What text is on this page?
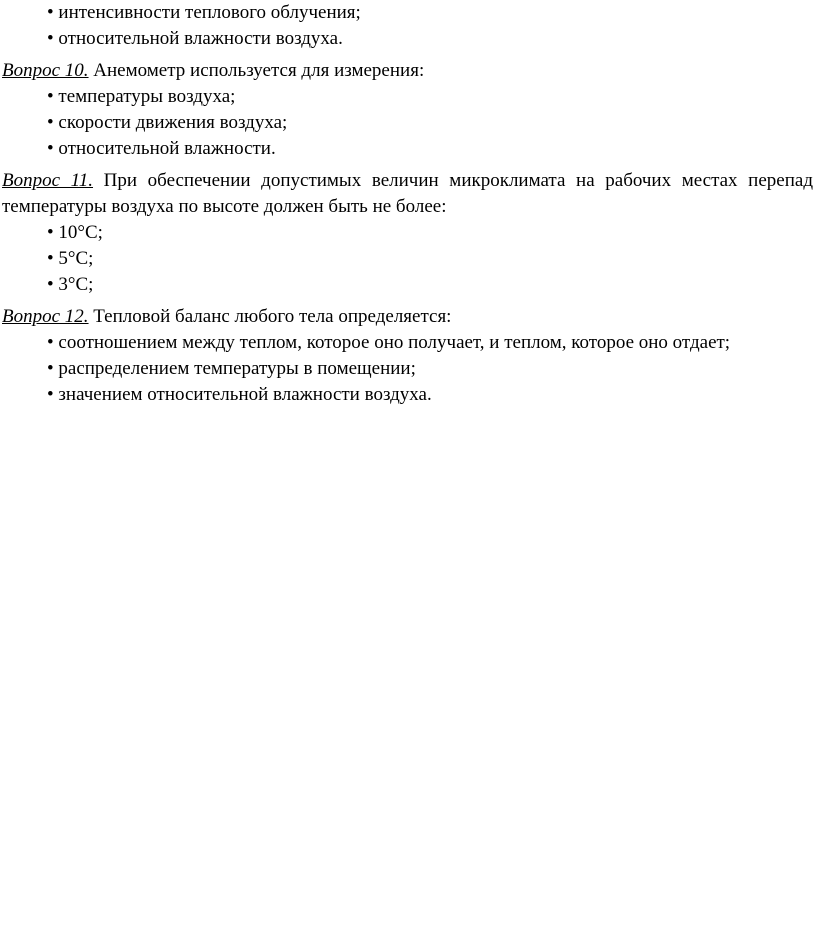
• интенсивности теплового облучения;
• относительной влажности воздуха.
Вопрос 10. Анемометр используется для измерения:
• температуры воздуха;
• скорости движения воздуха;
• относительной влажности.
Вопрос 11. При обеспечении допустимых величин микроклимата на рабочих местах перепад температуры воздуха по высоте должен быть не более:
• 10°С;
• 5°С;
• 3°С;
Вопрос 12. Тепловой баланс любого тела определяется:
• соотношением между теплом, которое оно получает, и теплом, которое оно отдает;
• распределением температуры в помещении;
• значением относительной влажности воздуха.
